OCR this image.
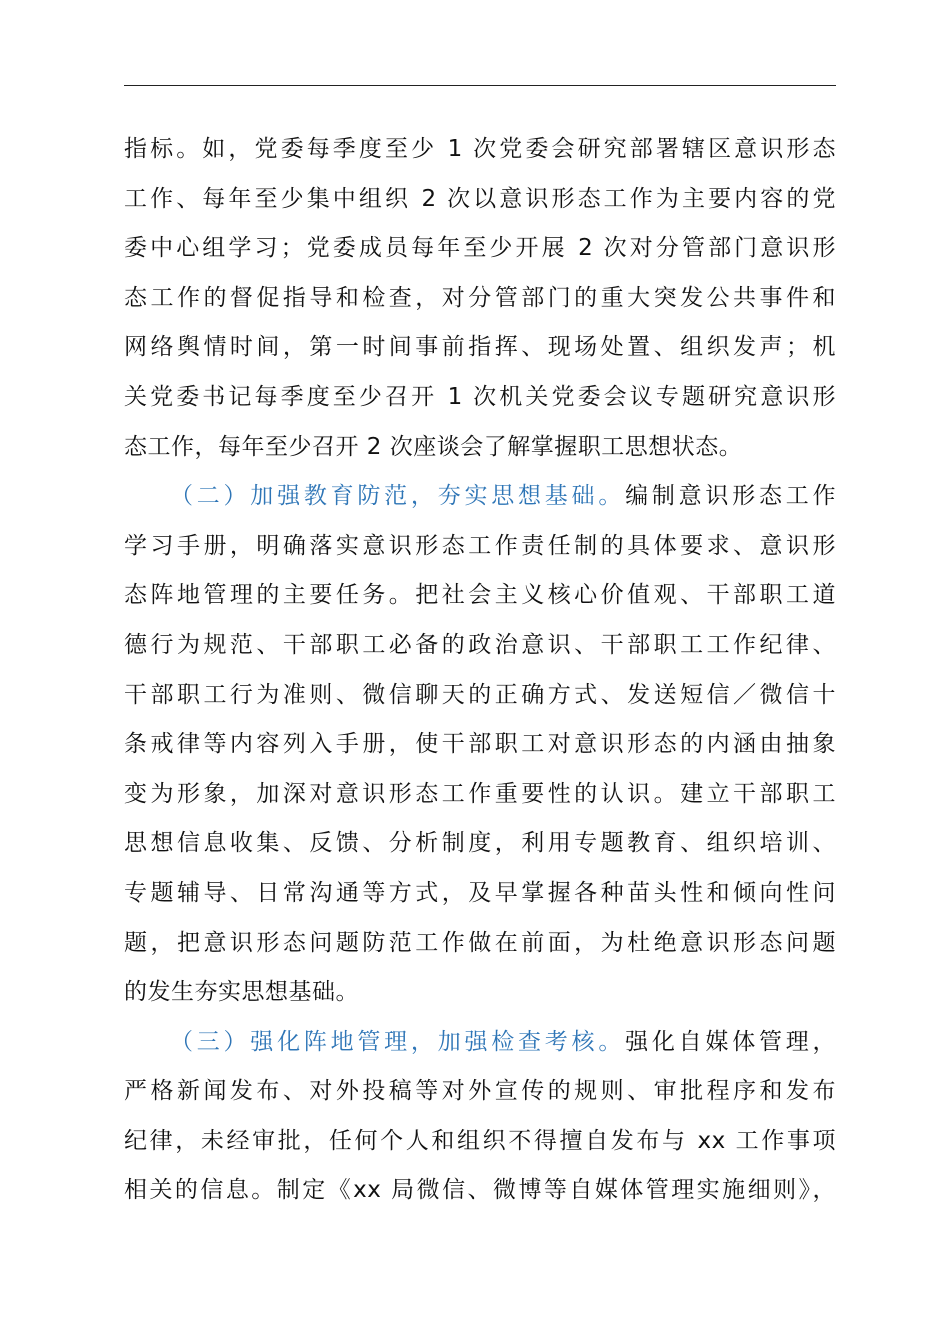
指标。如，党委每季度至少 1 次党委会研究部署辖区意识形态
工作、每年至少集中组织 2 次以意识形态工作为主要内容的党
委中心组学习；党委成员每年至少开展 2 次对分管部门意识形
态工作的督促指导和检查，对分管部门的重大突发公共事件和
网络舆情时间，第一时间事前指挥、现场处置、组织发声；机
关党委书记每季度至少召开 1 次机关党委会议专题研究意识形
态工作，每年至少召开 2 次座谈会了解掌握职工思想状态。
（二）加强教育防范，夯实思想基础。编制意识形态工作
学习手册，明确落实意识形态工作责任制的具体要求、意识形
态阵地管理的主要任务。把社会主义核心价值观、干部职工道
德行为规范、干部职工必备的政治意识、干部职工工作纪律、
干部职工行为准则、微信聊天的正确方式、发送短信／微信十
条戒律等内容列入手册，使干部职工对意识形态的内涵由抽象
变为形象，加深对意识形态工作重要性的认识。建立干部职工
思想信息收集、反馈、分析制度，利用专题教育、组织培训、
专题辅导、日常沟通等方式，及早掌握各种苗头性和倾向性问
题，把意识形态问题防范工作做在前面，为杜绝意识形态问题
的发生夯实思想基础。
（三）强化阵地管理，加强检查考核。强化自媒体管理，
严格新闻发布、对外投稿等对外宣传的规则、审批程序和发布
纪律，未经审批，任何个人和组织不得擅自发布与 xx 工作事项
相关的信息。制定《xx 局微信、微博等自媒体管理实施细则》，
